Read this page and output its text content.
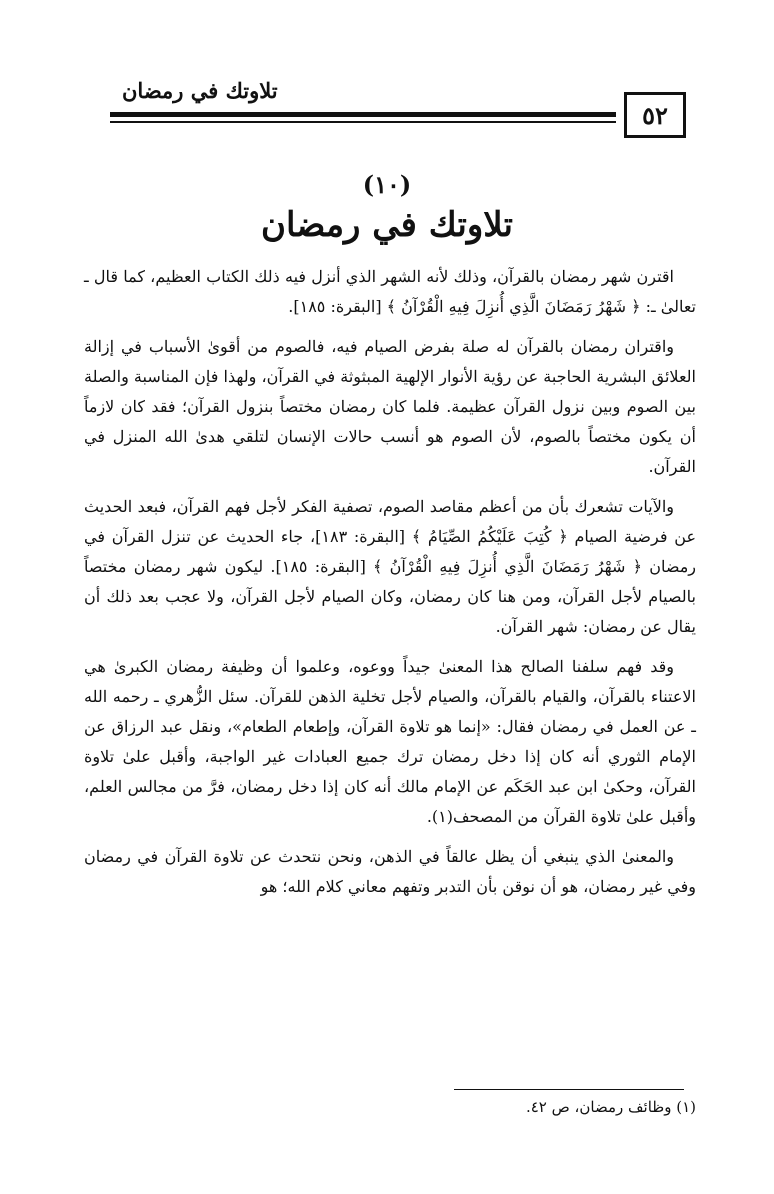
تلاوتك في رمضان
٥٢
(١٠)
تلاوتك في رمضان

اقترن شهر رمضان بالقرآن، وذلك لأنه الشهر الذي أنزل فيه ذلك الكتاب العظيم، كما قال ـ تعالىٰ ـ: ﴿ شَهْرُ رَمَضَانَ الَّذِي أُنزِلَ فِيهِ الْقُرْآنُ ﴾ [البقرة: ١٨٥].

واقتران رمضان بالقرآن له صلة بفرض الصيام فيه، فالصوم من أقوىٰ الأسباب في إزالة العلائق البشرية الحاجبة عن رؤية الأنوار الإلهية المبثوثة في القرآن، ولهذا فإن المناسبة والصلة بين الصوم وبين نزول القرآن عظيمة. فلما كان رمضان مختصاً بنزول القرآن؛ فقد كان لازماً أن يكون مختصاً بالصوم، لأن الصوم هو أنسب حالات الإنسان لتلقي هدىٰ الله المنزل في القرآن.

والآيات تشعرك بأن من أعظم مقاصد الصوم، تصفية الفكر لأجل فهم القرآن، فبعد الحديث عن فرضية الصيام ﴿ كُتِبَ عَلَيْكُمُ الصِّيَامُ ﴾ [البقرة: ١٨٣]، جاء الحديث عن تنزل القرآن في رمضان ﴿ شَهْرُ رَمَضَانَ الَّذِي أُنزِلَ فِيهِ الْقُرْآنُ ﴾ [البقرة: ١٨٥]. ليكون شهر رمضان مختصاً بالصيام لأجل القرآن، ومن هنا كان رمضان، وكان الصيام لأجل القرآن، ولا عجب بعد ذلك أن يقال عن رمضان: شهر القرآن.

وقد فهم سلفنا الصالح هذا المعنىٰ جيداً ووعوه، وعلموا أن وظيفة رمضان الكبرىٰ هي الاعتناء بالقرآن، والقيام بالقرآن، والصيام لأجل تخلية الذهن للقرآن. سئل الزُّهري ـ رحمه الله ـ عن العمل في رمضان فقال: «إنما هو تلاوة القرآن، وإطعام الطعام»، ونقل عبد الرزاق عن الإمام الثوري أنه كان إذا دخل رمضان ترك جميع العبادات غير الواجبة، وأقبل علىٰ تلاوة القرآن، وحكىٰ ابن عبد الحَكَم عن الإمام مالك أنه كان إذا دخل رمضان، فرَّ من مجالس العلم، وأقبل علىٰ تلاوة القرآن من المصحف(١).

والمعنىٰ الذي ينبغي أن يظل عالقاً في الذهن، ونحن نتحدث عن تلاوة القرآن في رمضان وفي غير رمضان، هو أن نوقن بأن التدبر وتفهم معاني كلام الله؛ هو

(١) وظائف رمضان، ص ٤٢.
